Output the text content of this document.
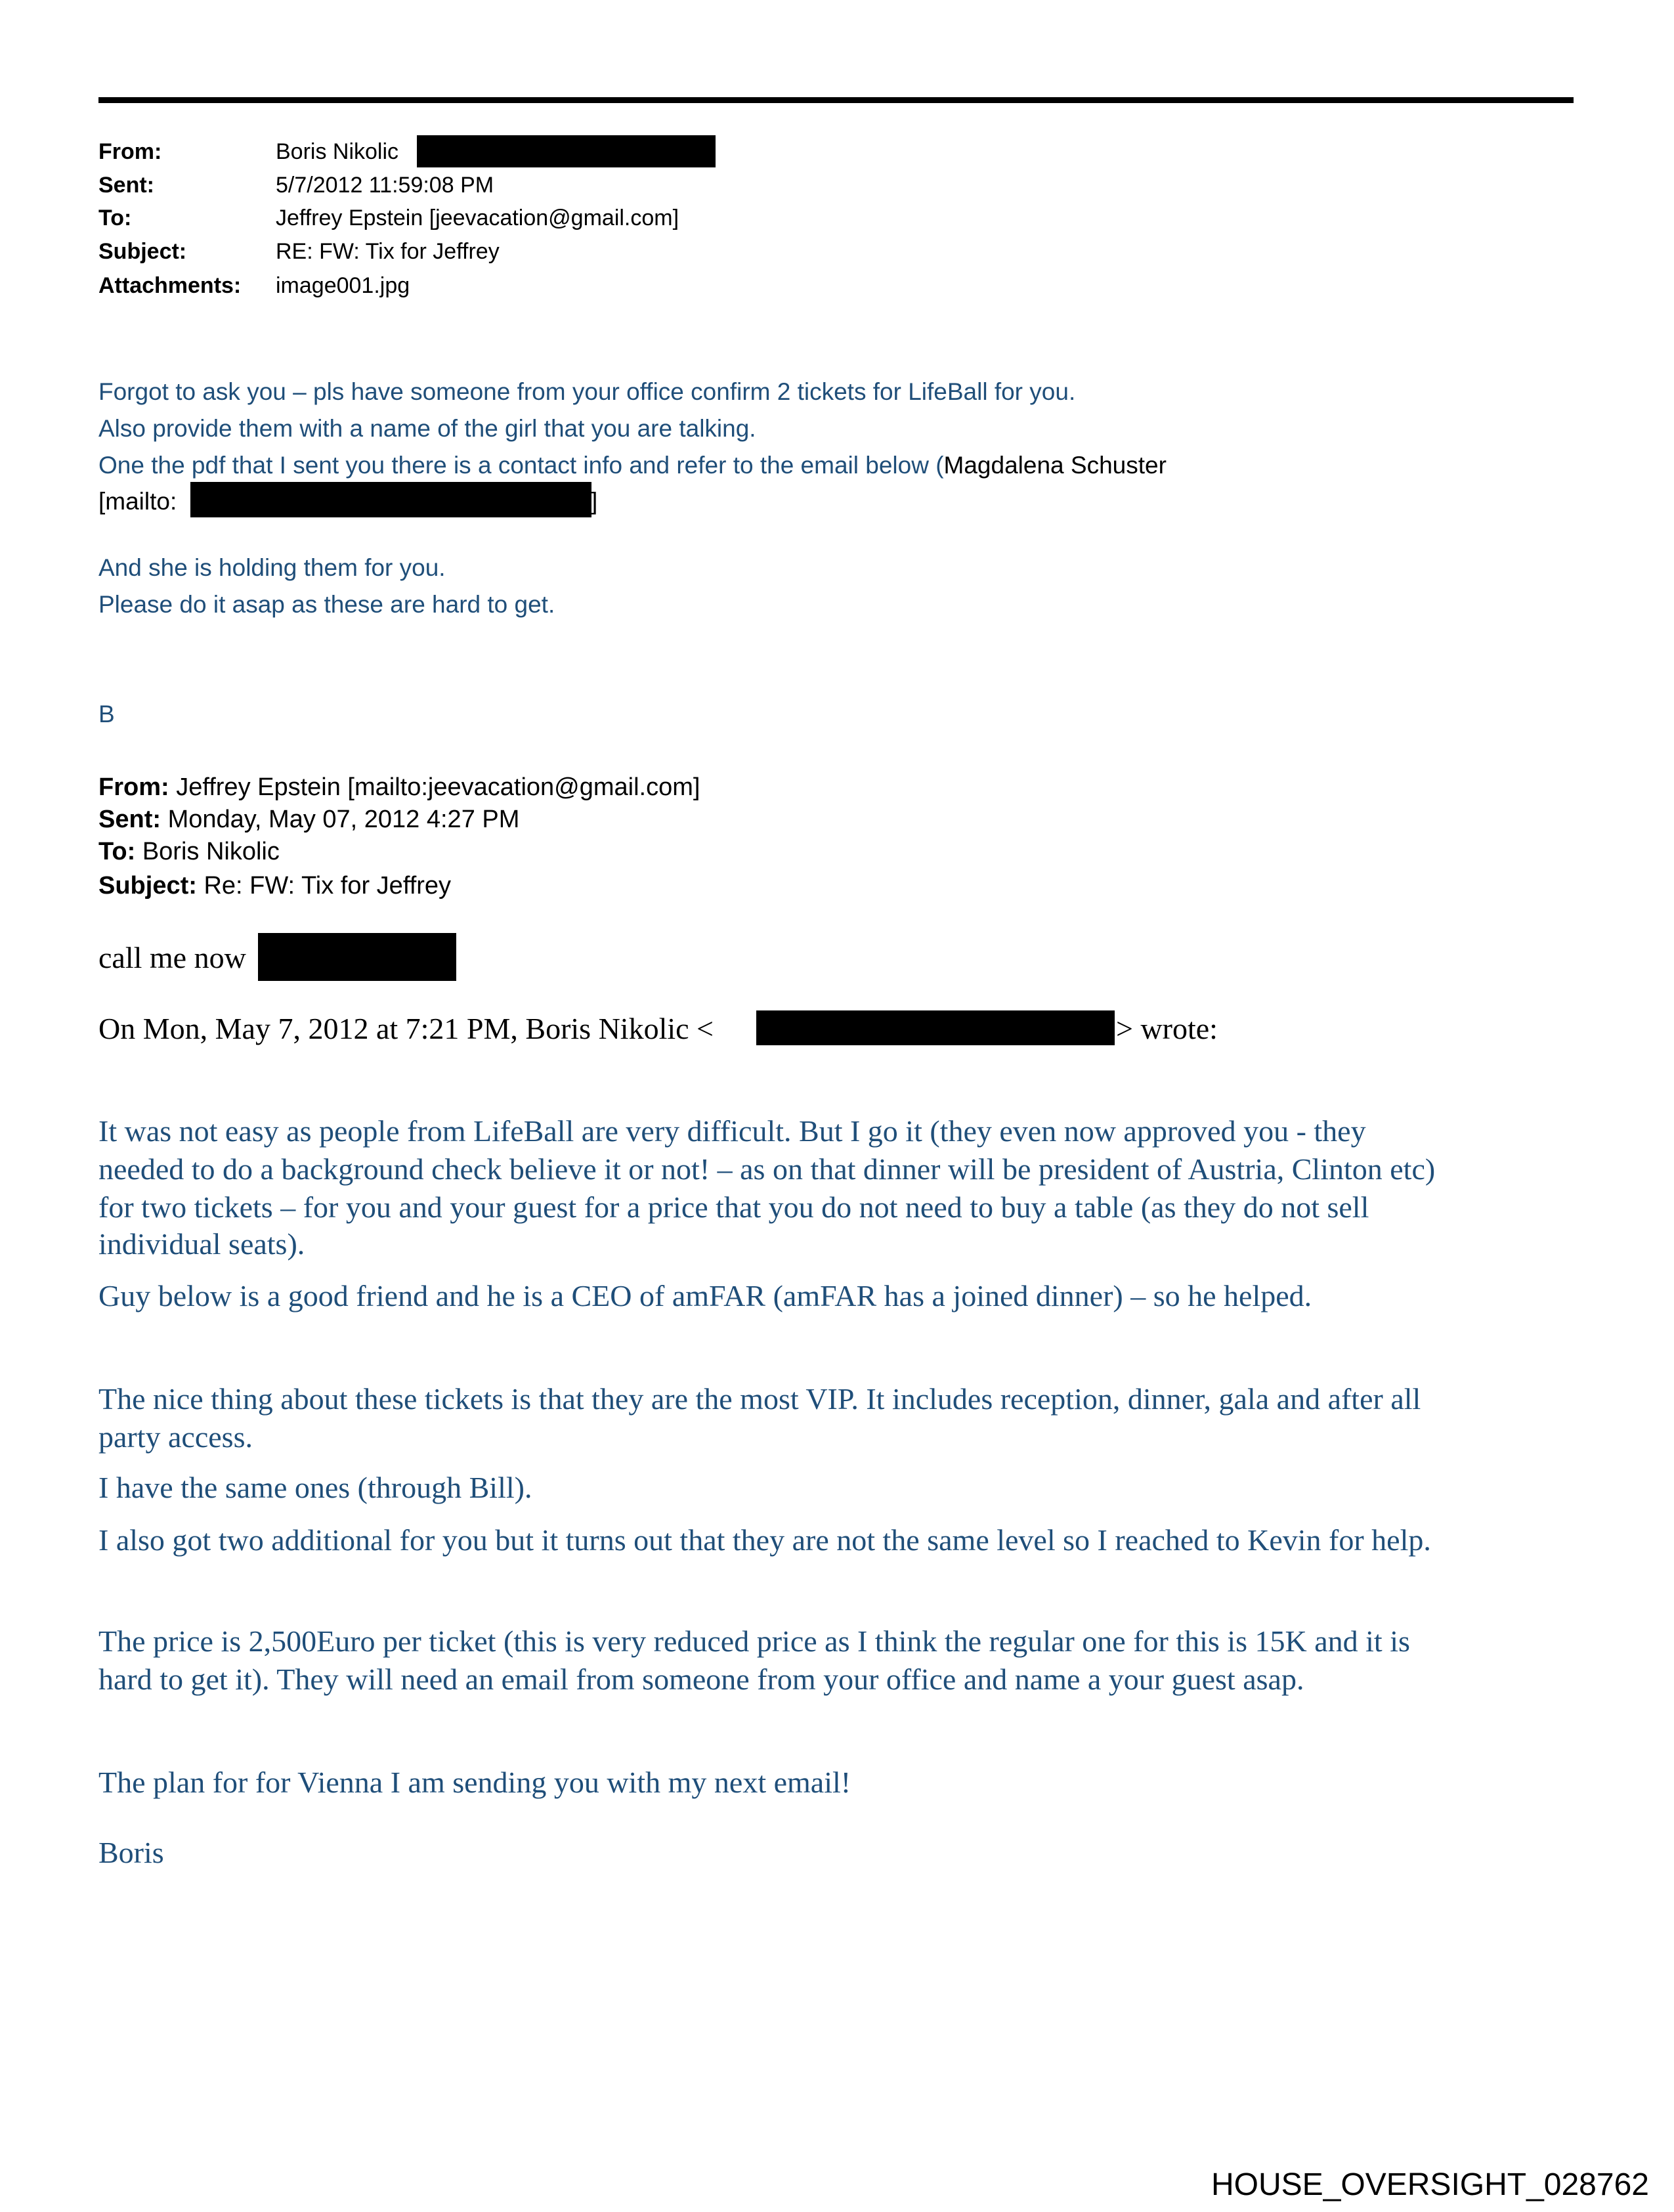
From:	Boris Nikolic
Sent:	5/7/2012 11:59:08 PM
To:	Jeffrey Epstein [jeevacation@gmail.com]
Subject:	RE: FW: Tix for Jeffrey
Attachments: image001.jpg
Forgot to ask you – pls have someone from your office confirm 2 tickets for LifeBall for you.
Also provide them with a name of the girl that you are talking.
One the pdf that I sent you there is a contact info and refer to the email below (Magdalena Schuster
[mailto:	]
And she is holding them for you.
Please do it asap as these are hard to get.
B
From: Jeffrey Epstein [mailto:jeevacation@gmail.com]
Sent: Monday, May 07, 2012 4:27 PM
To: Boris Nikolic
Subject: Re: FW: Tix for Jeffrey
call me now
On Mon, May 7, 2012 at 7:21 PM, Boris Nikolic <	> wrote:
It was not easy as people from LifeBall are very difficult. But I go it (they even now approved you - they
needed to do a background check believe it or not! – as on that dinner will be president of Austria, Clinton etc)
for two tickets – for you and your guest for a price that you do not need to buy a table (as they do not sell
individual seats).
Guy below is a good friend and he is a CEO of amFAR (amFAR has a joined dinner) – so he helped.
The nice thing about these tickets is that they are the most VIP. It includes reception, dinner, gala and after all
party access.
I have the same ones (through Bill).
I also got two additional for you but it turns out that they are not the same level so I reached to Kevin for help.
The price is 2,500Euro per ticket (this is very reduced price as I think the regular one for this is 15K and it is
hard to get it). They will need an email from someone from your office and name a your guest asap.
The plan for for Vienna I am sending you with my next email!
Boris
HOUSE_OVERSIGHT_028762
